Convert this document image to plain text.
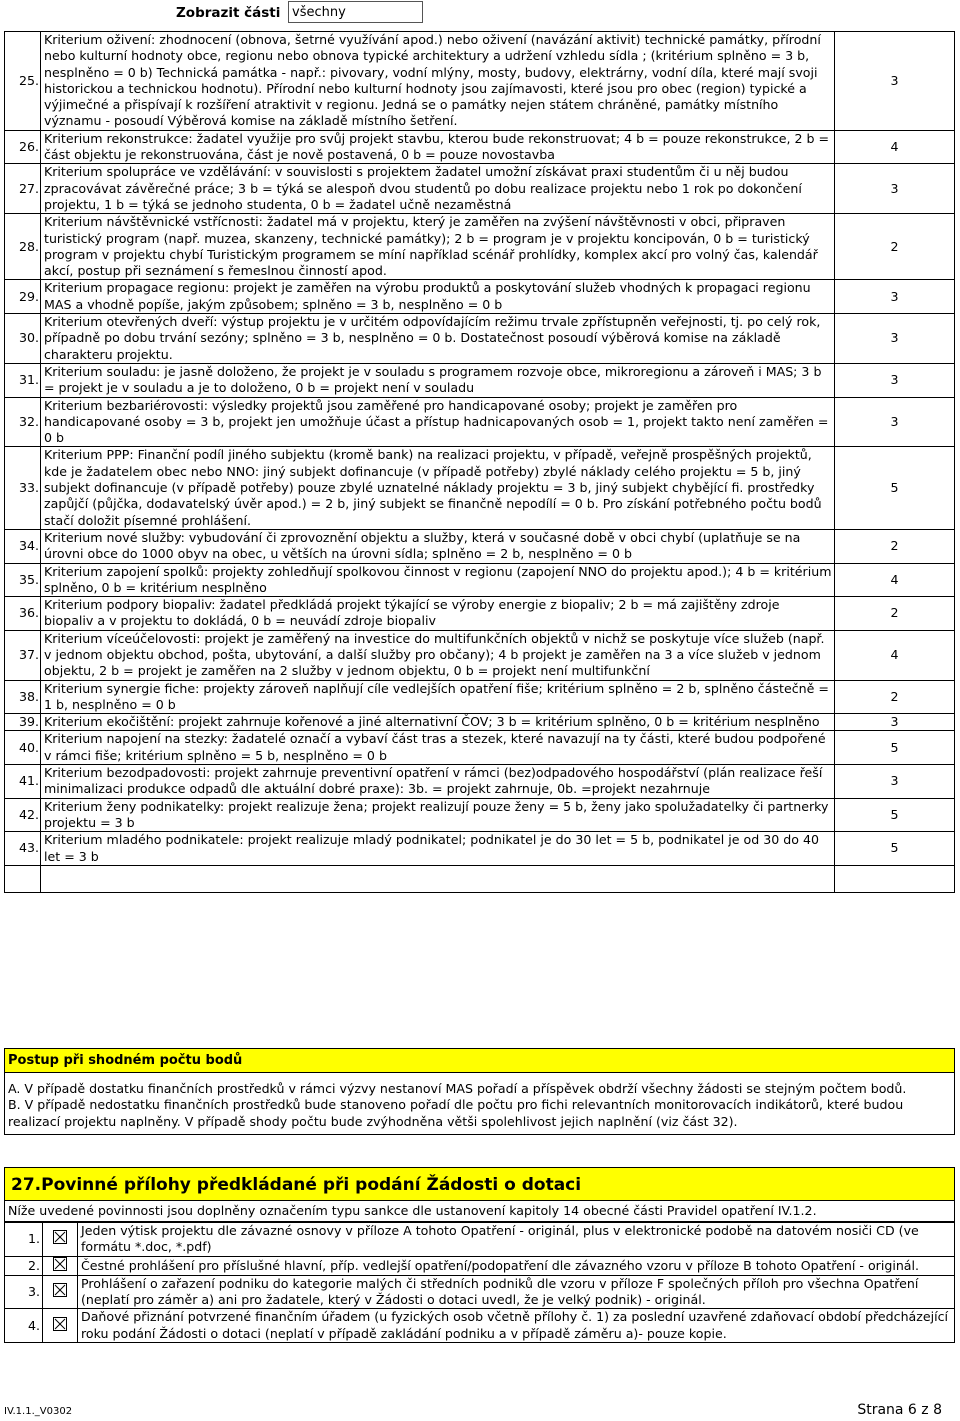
Zobrazit části všechny
25.	Kriterium oživení: zhodnocení (obnova, šetrné využívání apod.) nebo oživení (navázání aktivit) technické památky, přírodní nebo kulturní hodnoty obce, regionu nebo obnova typické architektury a udržení vzhledu sídla ; (kritérium splněno = 3 b, nesplněno = 0 b) Technická památka - např.: pivovary, vodní mlýny, mosty, budovy, elektrárny, vodní díla, které mají svoji historickou a technickou hodnotu). Přírodní nebo kulturní hodnoty jsou zajímavosti, které jsou pro obec (region) typické a výjimečné a přispívají k rozšíření atraktivit v regionu. Jedná se o památky nejen státem chráněné, památky místního významu - posoudí Výběrová komise na základě místního šetření.	3
26.	Kriterium rekonstrukce: žadatel využije pro svůj projekt stavbu, kterou bude rekonstruovat; 4 b = pouze rekonstrukce, 2 b = část objektu je rekonstruována, část je nově postavená, 0 b = pouze novostavba	4
27.	Kriterium spolupráce ve vzdělávání: v souvislosti s projektem žadatel umožní získávat praxi studentům či u něj budou zpracovávat závěrečné práce; 3 b = týká se alespoň dvou studentů po dobu realizace projektu nebo 1 rok po dokončení projektu, 1 b = týká se jednoho studenta, 0 b = žadatel učně nezaměstná	3
28.	Kriterium návštěvnické vstřícnosti: žadatel má v projektu, který je zaměřen na zvýšení návštěvnosti v obci, připraven turistický program (např. muzea, skanzeny, technické památky); 2 b = program je v projektu koncipován, 0 b = turistický program v projektu chybí Turistickým programem se míní například scénář prohlídky, komplex akcí pro volný čas, kalendář akcí, postup při seznámení s řemeslnou činností apod.	2
29.	Kriterium propagace regionu: projekt je zaměřen na výrobu produktů a poskytování služeb vhodných k propagaci regionu MAS a vhodně popíše, jakým způsobem; splněno = 3 b, nesplněno = 0 b	3
30.	Kriterium otevřených dveří: výstup projektu je v určitém odpovídajícím režimu trvale zpřístupněn veřejnosti, tj. po celý rok, případně po dobu trvání sezóny; splněno = 3 b, nesplněno = 0 b. Dostatečnost posoudí výběrová komise na základě charakteru projektu.	3
31.	Kriterium souladu: je jasně doloženo, že projekt je v souladu s programem rozvoje obce, mikroregionu a zároveň i MAS; 3 b = projekt je v souladu a je to doloženo, 0 b = projekt není v souladu	3
32.	Kriterium bezbariérovosti: výsledky projektů jsou zaměřené pro handicapované osoby; projekt je zaměřen pro handicapované osoby = 3 b, projekt jen umožňuje účast a přístup hadnicapovaných osob = 1, projekt takto není zaměřen = 0 b	3
33.	Kriterium PPP: Finanční podíl jiného subjektu (kromě bank) na realizaci projektu, v případě, veřejně prospěšných projektů, kde je žadatelem obec nebo NNO: jiný subjekt dofinancuje (v případě potřeby) zbylé náklady celého projektu = 5 b, jiný subjekt dofinancuje (v případě potřeby) pouze zbylé uznatelné náklady projektu = 3 b, jiný subjekt chybějící fi. prostředky zapůjčí (půjčka, dodavatelský úvěr apod.) = 2 b, jiný subjekt se finančně nepodílí = 0 b. Pro získání potřebného počtu bodů stačí doložit písemné prohlášení.	5
34.	Kriterium nové služby: vybudování či zprovoznění objektu a služby, která v současné době v obci chybí (uplatňuje se na úrovni obce do 1000 obyv na obec, u větších na úrovni sídla; splněno = 2 b, nesplněno = 0 b	2
35.	Kriterium zapojení spolků: projekty zohledňují spolkovou činnost v regionu (zapojení NNO do projektu apod.); 4 b = kritérium splněno, 0 b = kritérium nesplněno	4
36.	Kriterium podpory biopaliv: žadatel předkládá projekt týkající se výroby energie z biopaliv; 2 b = má zajištěny zdroje biopaliv a v projektu to dokládá, 0 b = neuvádí zdroje biopaliv	2
37.	Kriterium víceúčelovosti: projekt je zaměřený na investice do multifunkčních objektů v nichž se poskytuje více služeb (např. v jednom objektu obchod, pošta, ubytování, a další služby pro občany); 4 b projekt je zaměřen na 3 a více služeb v jednom objektu, 2 b = projekt je zaměřen na 2 služby v jednom objektu, 0 b = projekt není multifunkční	4
38.	Kriterium synergie fiche: projekty zároveň naplňují cíle vedlejších opatření fiše; kritérium splněno = 2 b, splněno částečně = 1 b, nesplněno = 0 b	2
39.	Kriterium ekočištění: projekt zahrnuje kořenové a jiné alternativní ČOV; 3 b = kritérium splněno, 0 b = kritérium nesplněno	3
40.	Kriterium napojení na stezky: žadatelé označí a vybaví část tras a stezek, které navazují na ty části, které budou podpořené v rámci fiše; kritérium splněno = 5 b, nesplněno = 0 b	5
41.	Kriterium bezodpadovosti: projekt zahrnuje preventivní opatření v rámci (bez)odpadového hospodářství (plán realizace řeší minimalizaci produkce odpadů dle aktuální dobré praxe): 3b. = projekt zahrnuje, 0b. =projekt nezahrnuje	3
42.	Kriterium ženy podnikatelky: projekt realizuje žena; projekt realizují pouze ženy = 5 b, ženy jako spolužadatelky či partnerky projektu = 3 b	5
43.	Kriterium mladého podnikatele: projekt realizuje mladý podnikatel; podnikatel je do 30 let = 5 b, podnikatel je od 30 do 40 let = 3 b	5

Postup při shodném počtu bodů
A. V případě dostatku finančních prostředků v rámci výzvy nestanoví MAS pořadí a příspěvek obdrží všechny žádosti se stejným počtem bodů.
B. V případě nedostatku finančních prostředků bude stanoveno pořadí dle počtu pro fichi relevantních monitorovacích indikátorů, které budou realizací projektu naplněny. V případě shody počtu bude zvýhodněna větši spolehlivost jejich naplnění (viz část 32).
27.Povinné přílohy předkládané při podání Žádosti o dotaci
Níže uvedené povinnosti jsou doplněny označením typu sankce dle ustanovení kapitoly 14 obecné části Pravidel opatření IV.1.2.
1.		Jeden výtisk projektu dle závazné osnovy v příloze A tohoto Opatření - originál, plus v elektronické podobě na datovém nosiči CD (ve formátu *.doc, *.pdf)
2.		Čestné prohlášení pro příslušné hlavní, příp. vedlejší opatření/podopatření dle závazného vzoru v příloze B tohoto Opatření - originál.
3.		Prohlášení o zařazení podniku do kategorie malých či středních podniků dle vzoru v příloze F společných příloh pro všechna Opatření (neplatí pro záměr a) ani pro žadatele, který v Žádosti o dotaci uvedl, že je velký podnik) - originál.
4.		Daňové přiznání potvrzené finančním úřadem (u fyzických osob včetně přílohy č. 1) za poslední uzavřené zdaňovací období předcházející roku podání Žádosti o dotaci (neplatí v případě zakládání podniku a v případě záměru a)- pouze kopie.
IV.1.1._V0302	Strana 6 z 8
